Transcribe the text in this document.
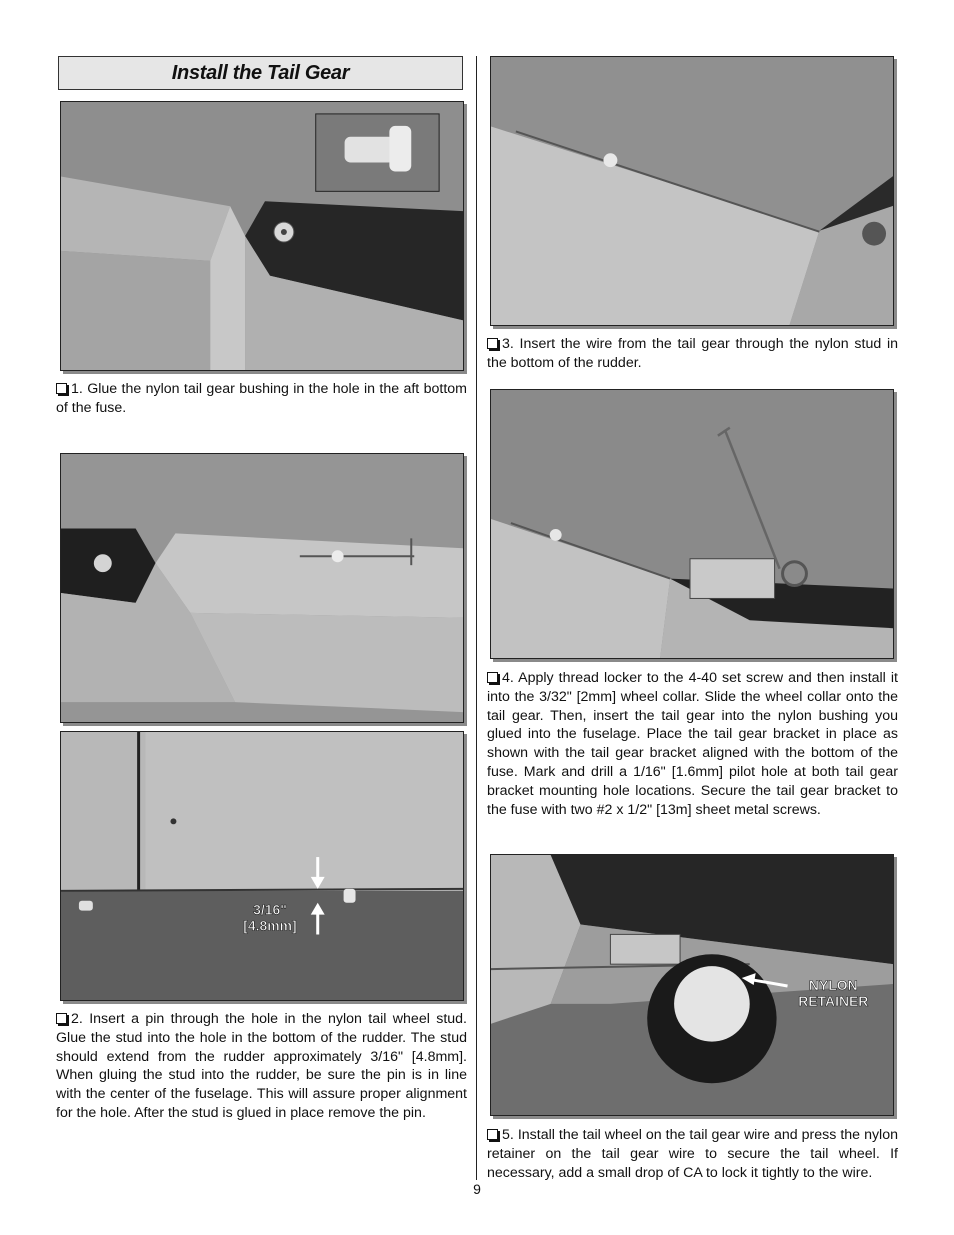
Install the Tail Gear

1. Glue the nylon tail gear bushing in the hole in the aft bottom of the fuse.

3/16"
[4.8mm]

2. Insert a pin through the hole in the nylon tail wheel stud. Glue the stud into the hole in the bottom of the rudder. The stud should extend from the rudder approximately 3/16" [4.8mm]. When gluing the stud into the rudder, be sure the pin is in line with the center of the fuselage. This will assure proper alignment for the hole. After the stud is glued in place remove the pin.

3. Insert the wire from the tail gear through the nylon stud in the bottom of the rudder.

4. Apply thread locker to the 4-40 set screw and then install it into the 3/32" [2mm] wheel collar. Slide the wheel collar onto the tail gear. Then, insert the tail gear into the nylon bushing you glued into the fuselage. Place the tail gear bracket in place as shown with the tail gear bracket aligned with the bottom of the fuse. Mark and drill a 1/16" [1.6mm] pilot hole at both tail gear bracket mounting hole locations. Secure the tail gear bracket to the fuse with two #2 x 1/2" [13m] sheet metal screws.

NYLON
RETAINER

5. Install the tail wheel on the tail gear wire and press the nylon retainer on the tail gear wire to secure the tail wheel. If necessary, add a small drop of CA to lock it tightly to the wire.

9
